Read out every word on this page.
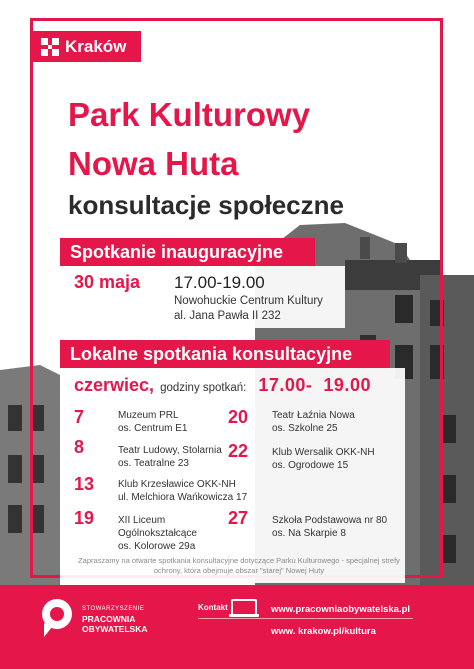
Kraków
Park Kulturowy
Nowa Huta
konsultacje społeczne
Spotkanie inauguracyjne
30 maja 17.00-19.00
Nowohuckie Centrum Kultury
al. Jana Pawła II 232
Lokalne spotkania konsultacyjne
czerwiec, godziny spotkań: 17.00-  19.00
7	Muzeum PRL
os. Centrum E1
20	Teatr Łaźnia Nowa
os. Szkolne 25
8	Teatr Ludowy, Stolarnia
os. Teatralne 23
22	Klub Wersalik OKK-NH
os. Ogrodowe 15
13	Klub Krzesławice OKK-NH
ul. Melchiora Wańkowicza 17
19	XII Liceum
Ogólnokształcące
os. Kolorowe 29a
27	Szkoła Podstawowa nr 80
os. Na Skarpie 8
Zapraszamy na otwarte spotkania konsultacyjne dotyczące Parku Kulturowego - specjalnej strefy ochrony, która obejmuje obszar "starej" Nowej Huty
STOWARZYSZENIE
PRACOWNIA
OBYWATELSKA
Kontakt	www.pracowniaobywatelska.pl
www. krakow.pl/kultura
